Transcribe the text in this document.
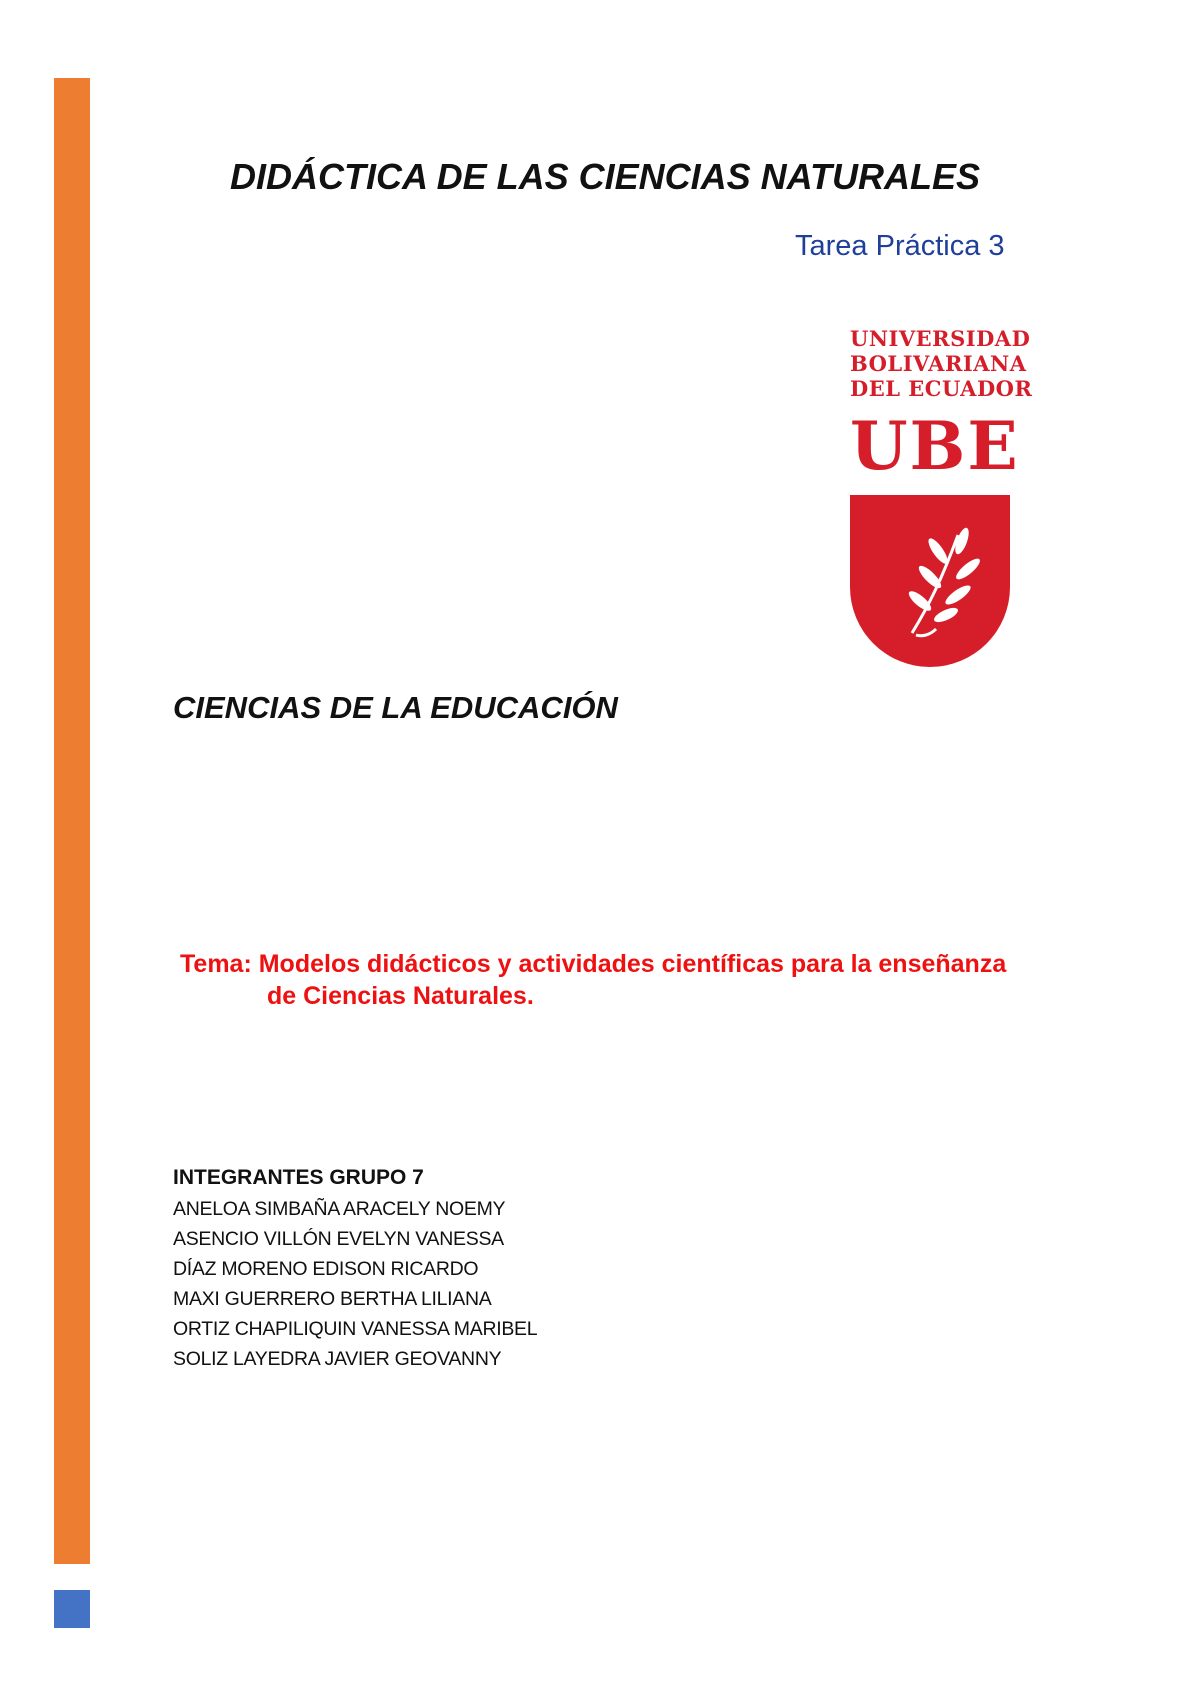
DIDÁCTICA DE LAS CIENCIAS NATURALES
Tarea Práctica 3
UNIVERSIDAD
BOLIVARIANA
DEL ECUADOR
UBE
CIENCIAS DE LA EDUCACIÓN
Tema: Modelos didácticos y actividades científicas para la enseñanza
de Ciencias Naturales.
INTEGRANTES GRUPO 7
ANELOA SIMBAÑA ARACELY NOEMY
ASENCIO VILLÓN EVELYN VANESSA
DÍAZ MORENO EDISON RICARDO
MAXI GUERRERO BERTHA LILIANA
ORTIZ CHAPILIQUIN VANESSA MARIBEL
SOLIZ LAYEDRA JAVIER GEOVANNY
